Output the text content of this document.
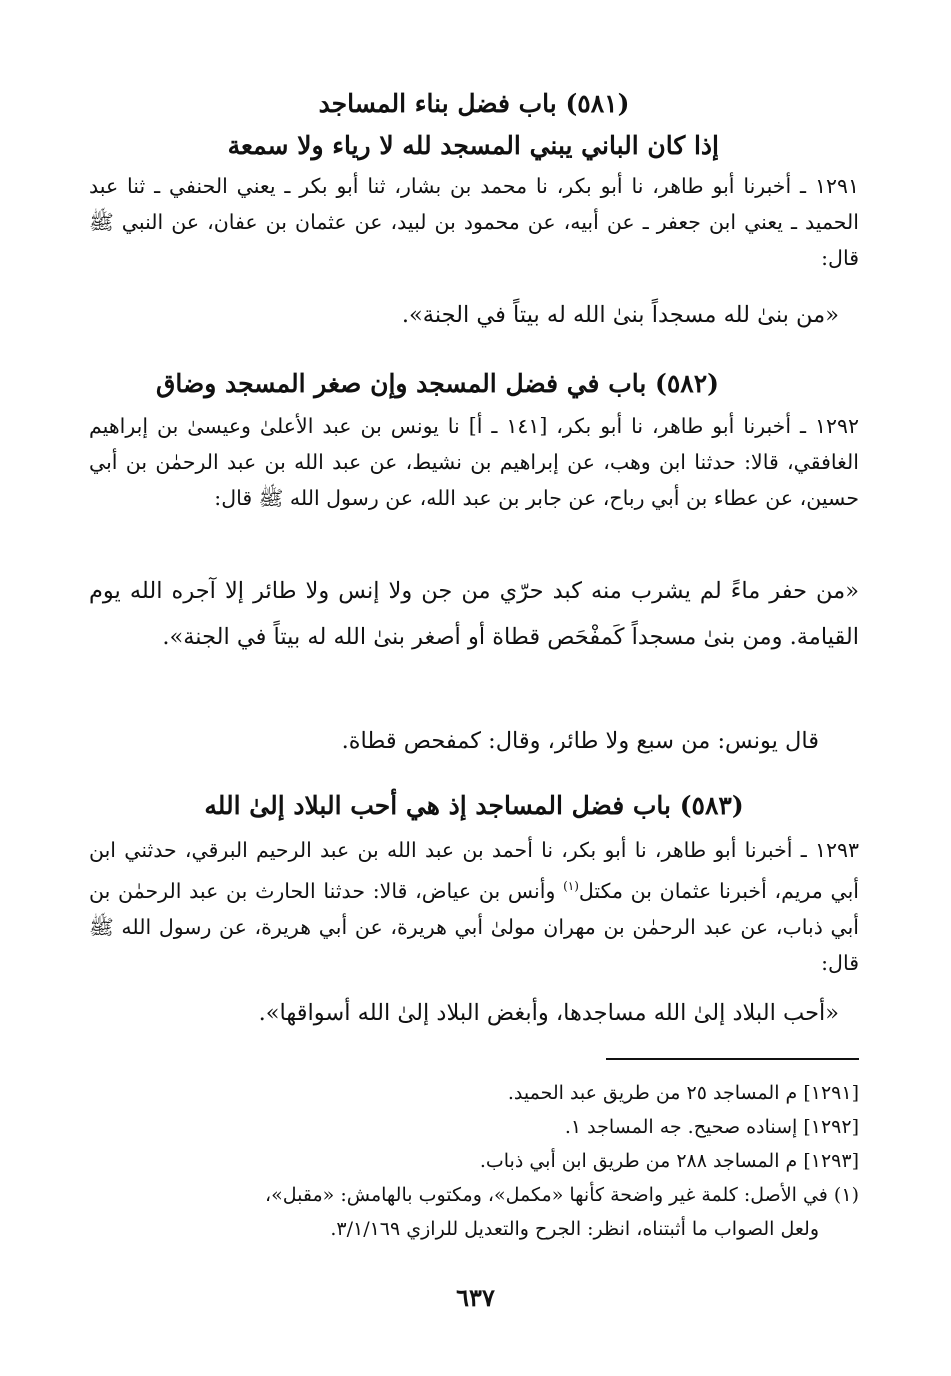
(٥٨١) باب فضل بناء المساجد
إذا كان الباني يبني المسجد لله لا رياء ولا سمعة

١٢٩١ ـ أخبرنا أبو طاهر، نا أبو بكر، نا محمد بن بشار، ثنا أبو بكر ـ يعني الحنفي ـ ثنا عبد الحميد ـ يعني ابن جعفر ـ عن أبيه، عن محمود بن لبيد، عن عثمان بن عفان، عن النبي ﷺ قال:

«من بنىٰ لله مسجداً بنىٰ الله له بيتاً في الجنة».

(٥٨٢) باب في فضل المسجد وإن صغر المسجد وضاق

١٢٩٢ ـ أخبرنا أبو طاهر، نا أبو بكر، [١٤١ ـ أ] نا يونس بن عبد الأعلىٰ وعيسىٰ بن إبراهيم الغافقي، قالا: حدثنا ابن وهب، عن إبراهيم بن نشيط، عن عبد الله بن عبد الرحمٰن بن أبي حسين، عن عطاء بن أبي رباح، عن جابر بن عبد الله، عن رسول الله ﷺ قال:

«من حفر ماءً لم يشرب منه كبد حرّي من جن ولا إنس ولا طائر إلا آجره الله يوم القيامة. ومن بنىٰ مسجداً كَمفْحَص قطاة أو أصغر بنىٰ الله له بيتاً في الجنة».

قال يونس: من سبع ولا طائر، وقال: كمفحص قطاة.

(٥٨٣) باب فضل المساجد إذ هي أحب البلاد إلىٰ الله

١٢٩٣ ـ أخبرنا أبو طاهر، نا أبو بكر، نا أحمد بن عبد الله بن عبد الرحيم البرقي، حدثني ابن أبي مريم، أخبرنا عثمان بن مكتل$^{(١)}$ وأنس بن عياض، قالا: حدثنا الحارث بن عبد الرحمٰن بن أبي ذباب، عن عبد الرحمٰن بن مهران مولىٰ أبي هريرة، عن أبي هريرة، عن رسول الله ﷺ قال:

«أحب البلاد إلىٰ الله مساجدها، وأبغض البلاد إلىٰ الله أسواقها».

[١٢٩١] م المساجد ٢٥ من طريق عبد الحميد.
[١٢٩٢] إسناده صحيح. جه المساجد ١.
[١٢٩٣] م المساجد ٢٨٨ من طريق ابن أبي ذباب.
(١) في الأصل: كلمة غير واضحة كأنها «مكمل»، ومكتوب بالهامش: «مقبل»،
ولعل الصواب ما أثبتناه، انظر: الجرح والتعديل للرازي ٣/١/١٦٩.
٦٣٧
